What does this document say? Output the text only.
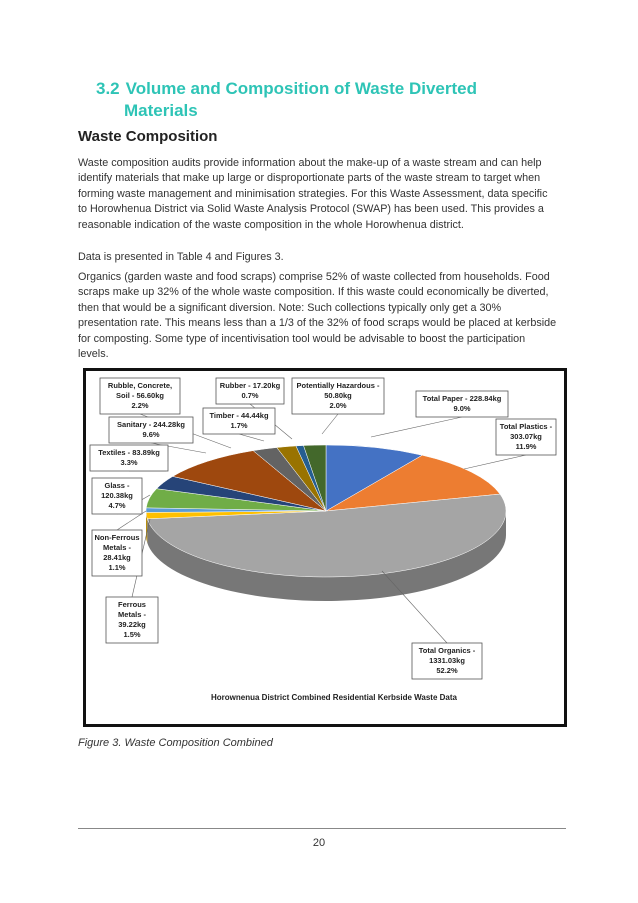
3.2 Volume and Composition of Waste Diverted
Materials
Waste Composition

Waste composition audits provide information about the make-up of a waste stream and can help identify materials that make up large or disproportionate parts of the waste stream to target when forming waste management and minimisation strategies. For this Waste Assessment, data specific to Horowhenua District via Solid Waste Analysis Protocol (SWAP) has been used. This provides a reasonable indication of the waste composition in the whole Horowhenua district.

Data is presented in Table 4 and Figures 3.

Organics (garden waste and food scraps) comprise 52% of waste collected from households. Food scraps make up 32% of the whole waste composition. If this waste could economically be diverted, then that would be a significant diversion. Note: Such collections typically only get a 30% presentation rate. This means less than a 1/3 of the 32% of food scraps would be placed at kerbside for composting. Some type of incentivisation tool would be advisable to boost the participation levels.

Rubble, Concrete,
Soil - 56.60kg
2.2%
Rubber - 17.20kg
0.7%
Potentially Hazardous -
50.80kg
2.0%
Total Paper - 228.84kg
9.0%
Timber - 44.44kg
1.7%
Sanitary - 244.28kg
9.6%
Total Plastics -
303.07kg
11.9%
Textiles - 83.89kg
3.3%
Glass -
120.38kg
4.7%
Non-Ferrous
Metals -
28.41kg
1.1%
Ferrous
Metals -
39.22kg
1.5%
Total Organics -
1331.03kg
52.2%
Horownenua District Combined Residential Kerbside Waste Data
Figure 3. Waste Composition Combined
20
